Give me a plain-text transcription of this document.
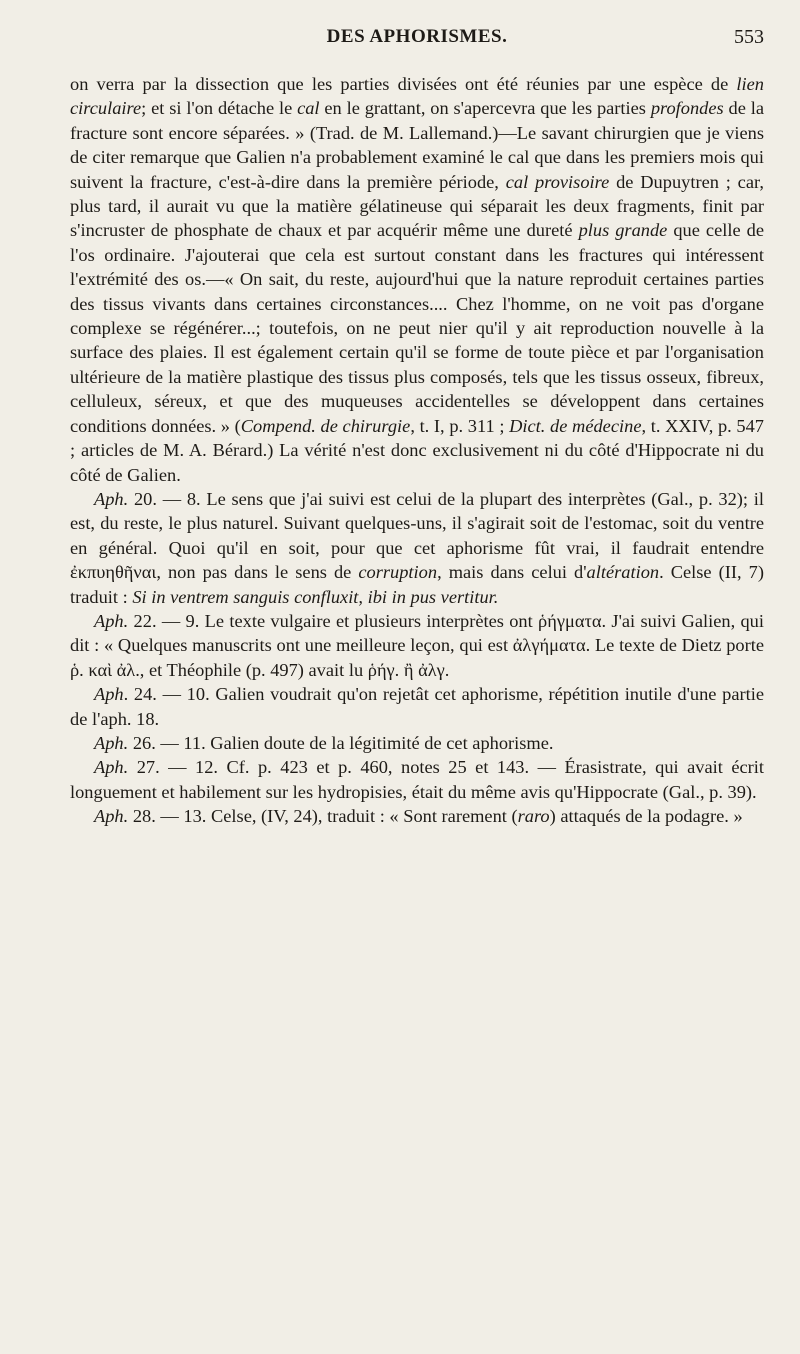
DES APHORISMES.	553

on verra par la dissection que les parties divisées ont été réunies par une espèce de lien circulaire; et si l'on détache le cal en le grattant, on s'apercevra que les parties profondes de la fracture sont encore séparées. » (Trad. de M. Lallemand.)—Le savant chirurgien que je viens de citer remarque que Galien n'a probablement examiné le cal que dans les premiers mois qui suivent la fracture, c'est-à-dire dans la première période, cal provisoire de Dupuytren ; car, plus tard, il aurait vu que la matière gélatineuse qui séparait les deux fragments, finit par s'incruster de phosphate de chaux et par acquérir même une dureté plus grande que celle de l'os ordinaire. J'ajouterai que cela est surtout constant dans les fractures qui intéressent l'extrémité des os.—« On sait, du reste, aujourd'hui que la nature reproduit certaines parties des tissus vivants dans certaines circonstances.... Chez l'homme, on ne voit pas d'organe complexe se régénérer...; toutefois, on ne peut nier qu'il y ait reproduction nouvelle à la surface des plaies. Il est également certain qu'il se forme de toute pièce et par l'organisation ultérieure de la matière plastique des tissus plus composés, tels que les tissus osseux, fibreux, celluleux, séreux, et que des muqueuses accidentelles se développent dans certaines conditions données. » (Compend. de chirurgie, t. I, p. 311 ; Dict. de médecine, t. XXIV, p. 547 ; articles de M. A. Bérard.) La vérité n'est donc exclusivement ni du côté d'Hippocrate ni du côté de Galien.

Aph. 20. — 8. Le sens que j'ai suivi est celui de la plupart des interprètes (Gal., p. 32); il est, du reste, le plus naturel. Suivant quelques-uns, il s'agirait soit de l'estomac, soit du ventre en général. Quoi qu'il en soit, pour que cet aphorisme fût vrai, il faudrait entendre ἐκπυηθῆναι, non pas dans le sens de corruption, mais dans celui d'altération. Celse (II, 7) traduit : Si in ventrem sanguis confluxit, ibi in pus vertitur.

Aph. 22. — 9. Le texte vulgaire et plusieurs interprètes ont ῥήγματα. J'ai suivi Galien, qui dit : « Quelques manuscrits ont une meilleure leçon, qui est ἀλγήματα. Le texte de Dietz porte ῥ. καὶ ἀλ., et Théophile (p. 497) avait lu ῥήγ. ἢ ἀλγ.

Aph. 24. — 10. Galien voudrait qu'on rejetât cet aphorisme, répétition inutile d'une partie de l'aph. 18.

Aph. 26. — 11. Galien doute de la légitimité de cet aphorisme.

Aph. 27. — 12. Cf. p. 423 et p. 460, notes 25 et 143. — Érasistrate, qui avait écrit longuement et habilement sur les hydropisies, était du même avis qu'Hippocrate (Gal., p. 39).

Aph. 28. — 13. Celse, (IV, 24), traduit : « Sont rarement (raro) attaqués de la podagre. »
